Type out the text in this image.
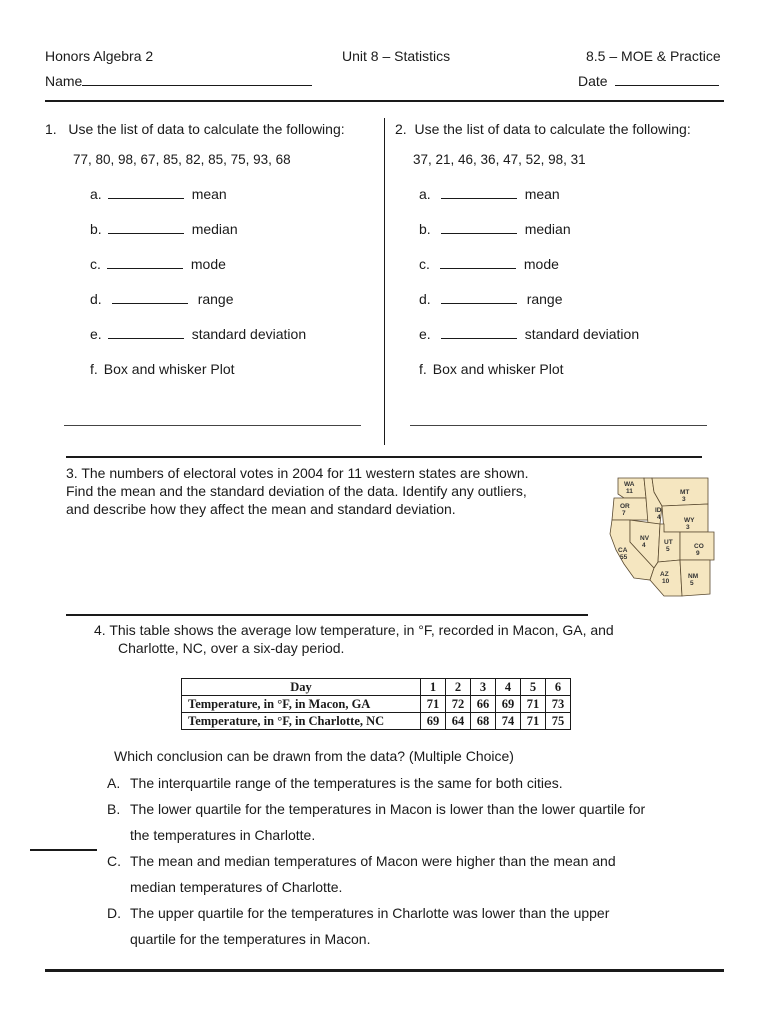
Honors Algebra 2	Unit 8 – Statistics	8.5 – MOE & Practice
Name	Date
1. Use the list of data to calculate the following:
77, 80, 98, 67, 85, 82, 85, 75, 93, 68
a.	mean
b.	median
c.	mode
d.	range
e.	standard deviation
f. Box and whisker Plot
2. Use the list of data to calculate the following:
37, 21, 46, 36, 47, 52, 98, 31
a.	mean
b.	median
c.	mode
d.	range
e.	standard deviation
f. Box and whisker Plot
3. The numbers of electoral votes in 2004 for 11 western states are shown.
Find the mean and the standard deviation of the data. Identify any outliers,
and describe how they affect the mean and standard deviation.
WA
11
OR
7
CA
55
ID
4
NV
4
MT
3
WY
3
UT
5	CO
9
AZ
10
NM
5
4. This table shows the average low temperature, in °F, recorded in Macon, GA, and
Charlotte, NC, over a six-day period.
Day	1	2	3	4	5	6
Temperature, in °F, in Macon, GA	71	72	66	69	71	73
Temperature, in °F, in Charlotte, NC	69	64	68	74	71	75
Which conclusion can be drawn from the data? (Multiple Choice)
A. The interquartile range of the temperatures is the same for both cities.
B. The lower quartile for the temperatures in Macon is lower than the lower quartile for
the temperatures in Charlotte.
C. The mean and median temperatures of Macon were higher than the mean and
median temperatures of Charlotte.
D. The upper quartile for the temperatures in Charlotte was lower than the upper
quartile for the temperatures in Macon.
